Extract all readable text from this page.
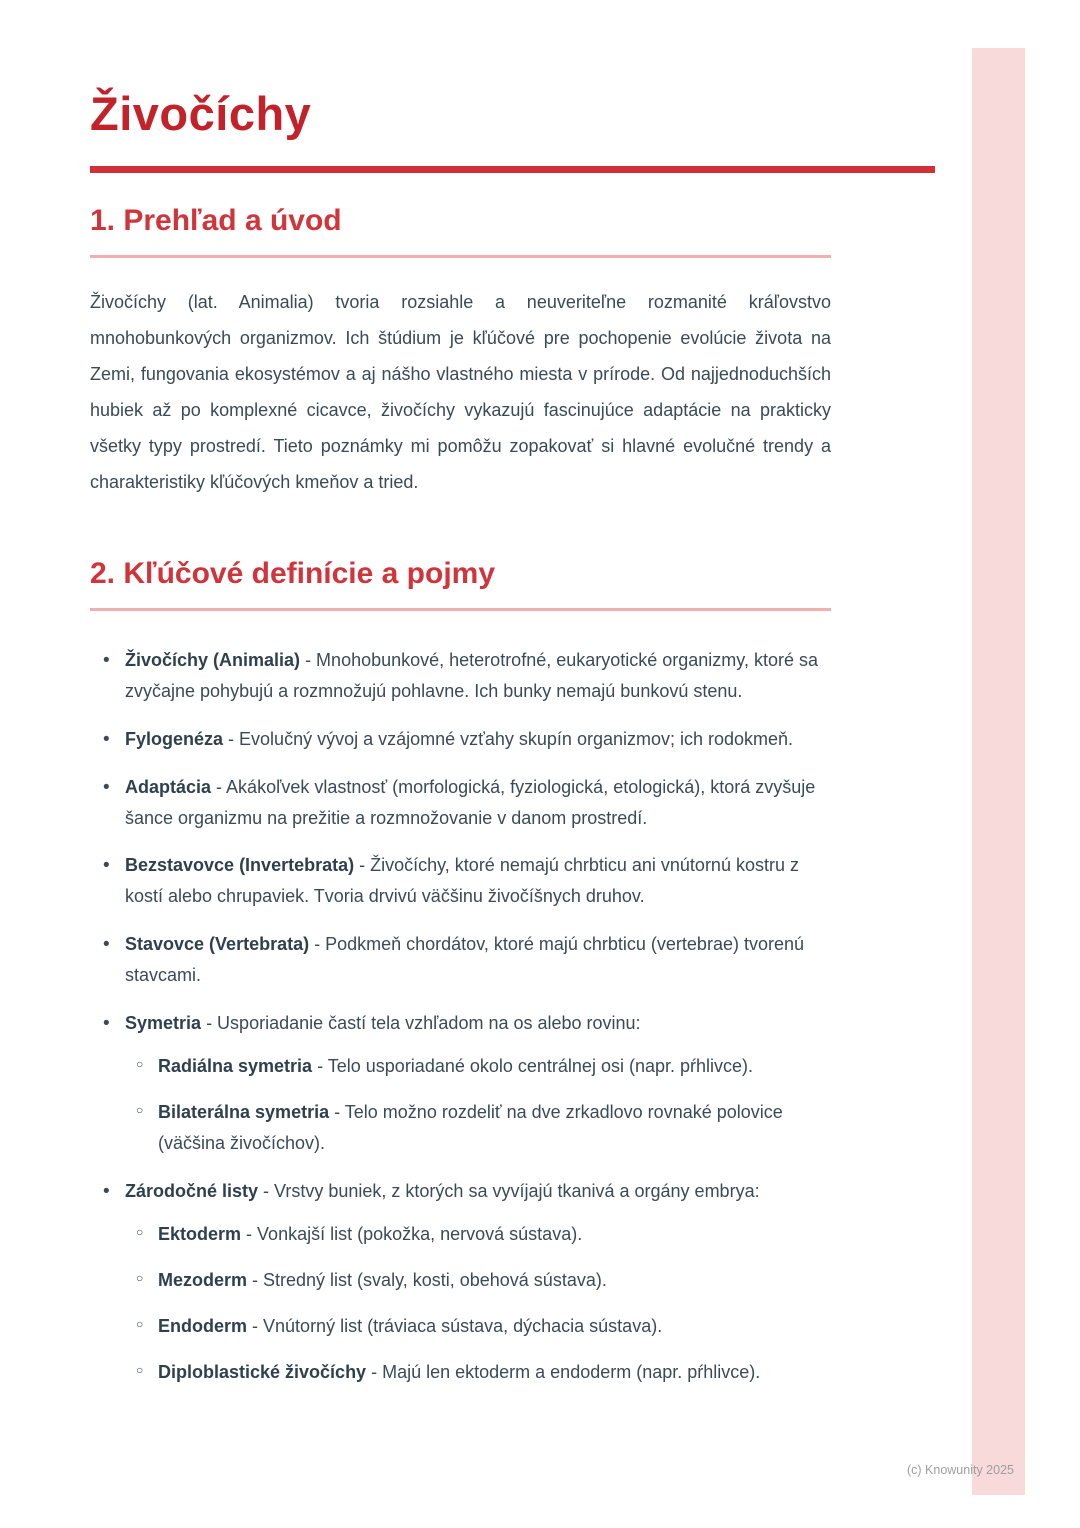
Živočíchy
1. Prehľad a úvod

Živočíchy (lat. Animalia) tvoria rozsiahle a neuveriteľne rozmanité kráľovstvo mnohobunkových organizmov. Ich štúdium je kľúčové pre pochopenie evolúcie života na Zemi, fungovania ekosystémov a aj nášho vlastného miesta v prírode. Od najjednoduchších hubiek až po komplexné cicavce, živočíchy vykazujú fascinujúce adaptácie na prakticky všetky typy prostredí. Tieto poznámky mi pomôžu zopakovať si hlavné evolučné trendy a charakteristiky kľúčových kmeňov a tried.

2. Kľúčové definície a pojmy
• Živočíchy (Animalia) - Mnohobunkové, heterotrofné, eukaryotické organizmy, ktoré sa zvyčajne pohybujú a rozmnožujú pohlavne. Ich bunky nemajú bunkovú stenu.
• Fylogenéza - Evolučný vývoj a vzájomné vzťahy skupín organizmov; ich rodokmeň.
• Adaptácia - Akákoľvek vlastnosť (morfologická, fyziologická, etologická), ktorá zvyšuje šance organizmu na prežitie a rozmnožovanie v danom prostredí.
• Bezstavovce (Invertebrata) - Živočíchy, ktoré nemajú chrbticu ani vnútornú kostru z kostí alebo chrupaviek. Tvoria drvivú väčšinu živočíšnych druhov.
• Stavovce (Vertebrata) - Podkmeň chordátov, ktoré majú chrbticu (vertebrae) tvorenú stavcami.
• Symetria - Usporiadanie častí tela vzhľadom na os alebo rovinu:
○ Radiálna symetria - Telo usporiadané okolo centrálnej osi (napr. pŕhlivce).
○ Bilaterálna symetria - Telo možno rozdeliť na dve zrkadlovo rovnaké polovice (väčšina živočíchov).
• Zárodočné listy - Vrstvy buniek, z ktorých sa vyvíjajú tkanivá a orgány embrya:
○ Ektoderm - Vonkajší list (pokožka, nervová sústava).
○ Mezoderm - Stredný list (svaly, kosti, obehová sústava).
○ Endoderm - Vnútorný list (tráviaca sústava, dýchacia sústava).
○ Diploblastické živočíchy - Majú len ektoderm a endoderm (napr. pŕhlivce).
(c) Knowunity 2025
